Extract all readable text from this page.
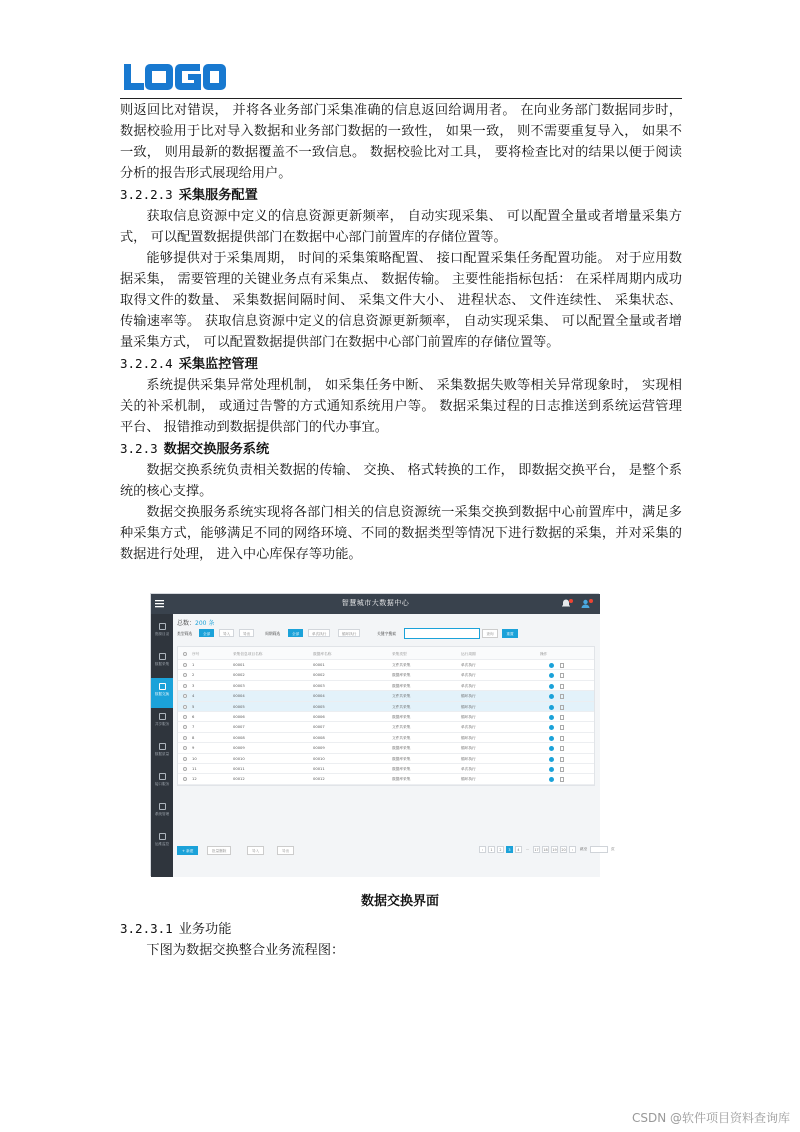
则返回比对错误， 并将各业务部门采集准确的信息返回给调用者。 在向业务部门数据同步时， 数据校验用于比对导入数据和业务部门数据的一致性， 如果一致， 则不需要重复导入， 如果不一致， 则用最新的数据覆盖不一致信息。 数据校验比对工具， 要将检查比对的结果以便于阅读分析的报告形式展现给用户。

3.2.2.3 采集服务配置

获取信息资源中定义的信息资源更新频率， 自动实现采集、 可以配置全量或者增量采集方式， 可以配置数据提供部门在数据中心部门前置库的存储位置等。

能够提供对于采集周期， 时间的采集策略配置、 接口配置采集任务配置功能。 对于应用数据采集， 需要管理的关键业务点有采集点、 数据传输。 主要性能指标包括： 在采样周期内成功取得文件的数量、 采集数据间隔时间、 采集文件大小、 进程状态、 文件连续性、 采集状态、 传输速率等。 获取信息资源中定义的信息资源更新频率， 自动实现采集、 可以配置全量或者增量采集方式， 可以配置数据提供部门在数据中心部门前置库的存储位置等。

3.2.2.4 采集监控管理

系统提供采集异常处理机制， 如采集任务中断、 采集数据失败等相关异常现象时， 实现相关的补采机制， 或通过告警的方式通知系统用户等。 数据采集过程的日志推送到系统运营管理平台、 报错推动到数据提供部门的代办事宜。

3.2.3 数据交换服务系统

数据交换系统负责相关数据的传输、 交换、 格式转换的工作， 即数据交换平台， 是整个系统的核心支撑。

数据交换服务系统实现将各部门相关的信息资源统一采集交换到数据中心前置库中，满足多种采集方式，能够满足不同的网络环境、不同的数据类型等情况下进行数据的采集，并对采集的数据进行处理， 进入中心库保存等功能。

智慧城市大数据中心
资源目录
数据采集
数据交换
共享服务
数据质量
接口服务
系统管理
运维监控
总数：200 条
类型筛选	全部	导入	导出	周期筛选	全部	单次执行	循环执行	关键字搜索	查询	重置
序号	采集信息项目名称	数据库名称	采集类型	运行周期	操作
1	00001	00001	文件共采集	单次执行
2	00002	00002	数据库采集	单次执行
3	00003	00003	数据库采集	单次执行
4	00004	00004	文件共采集	循环执行
5	00005	00005	文件共采集	循环执行
6	00006	00006	数据库采集	循环执行
7	00007	00007	文件共采集	单次执行
8	00008	00008	文件共采集	循环执行
9	00009	00009	数据库采集	循环执行
10	00010	00010	数据库采集	循环执行
11	00011	00011	数据库采集	单次执行
12	00012	00012	数据库采集	循环执行
+ 新建	批量删除	导入	导出	‹	1	2	3	4	...	17	18	19	20	›	跳至	页
数据交换界面
3.2.3.1 业务功能

下图为数据交换整合业务流程图：

CSDN @软件项目资料查询库
